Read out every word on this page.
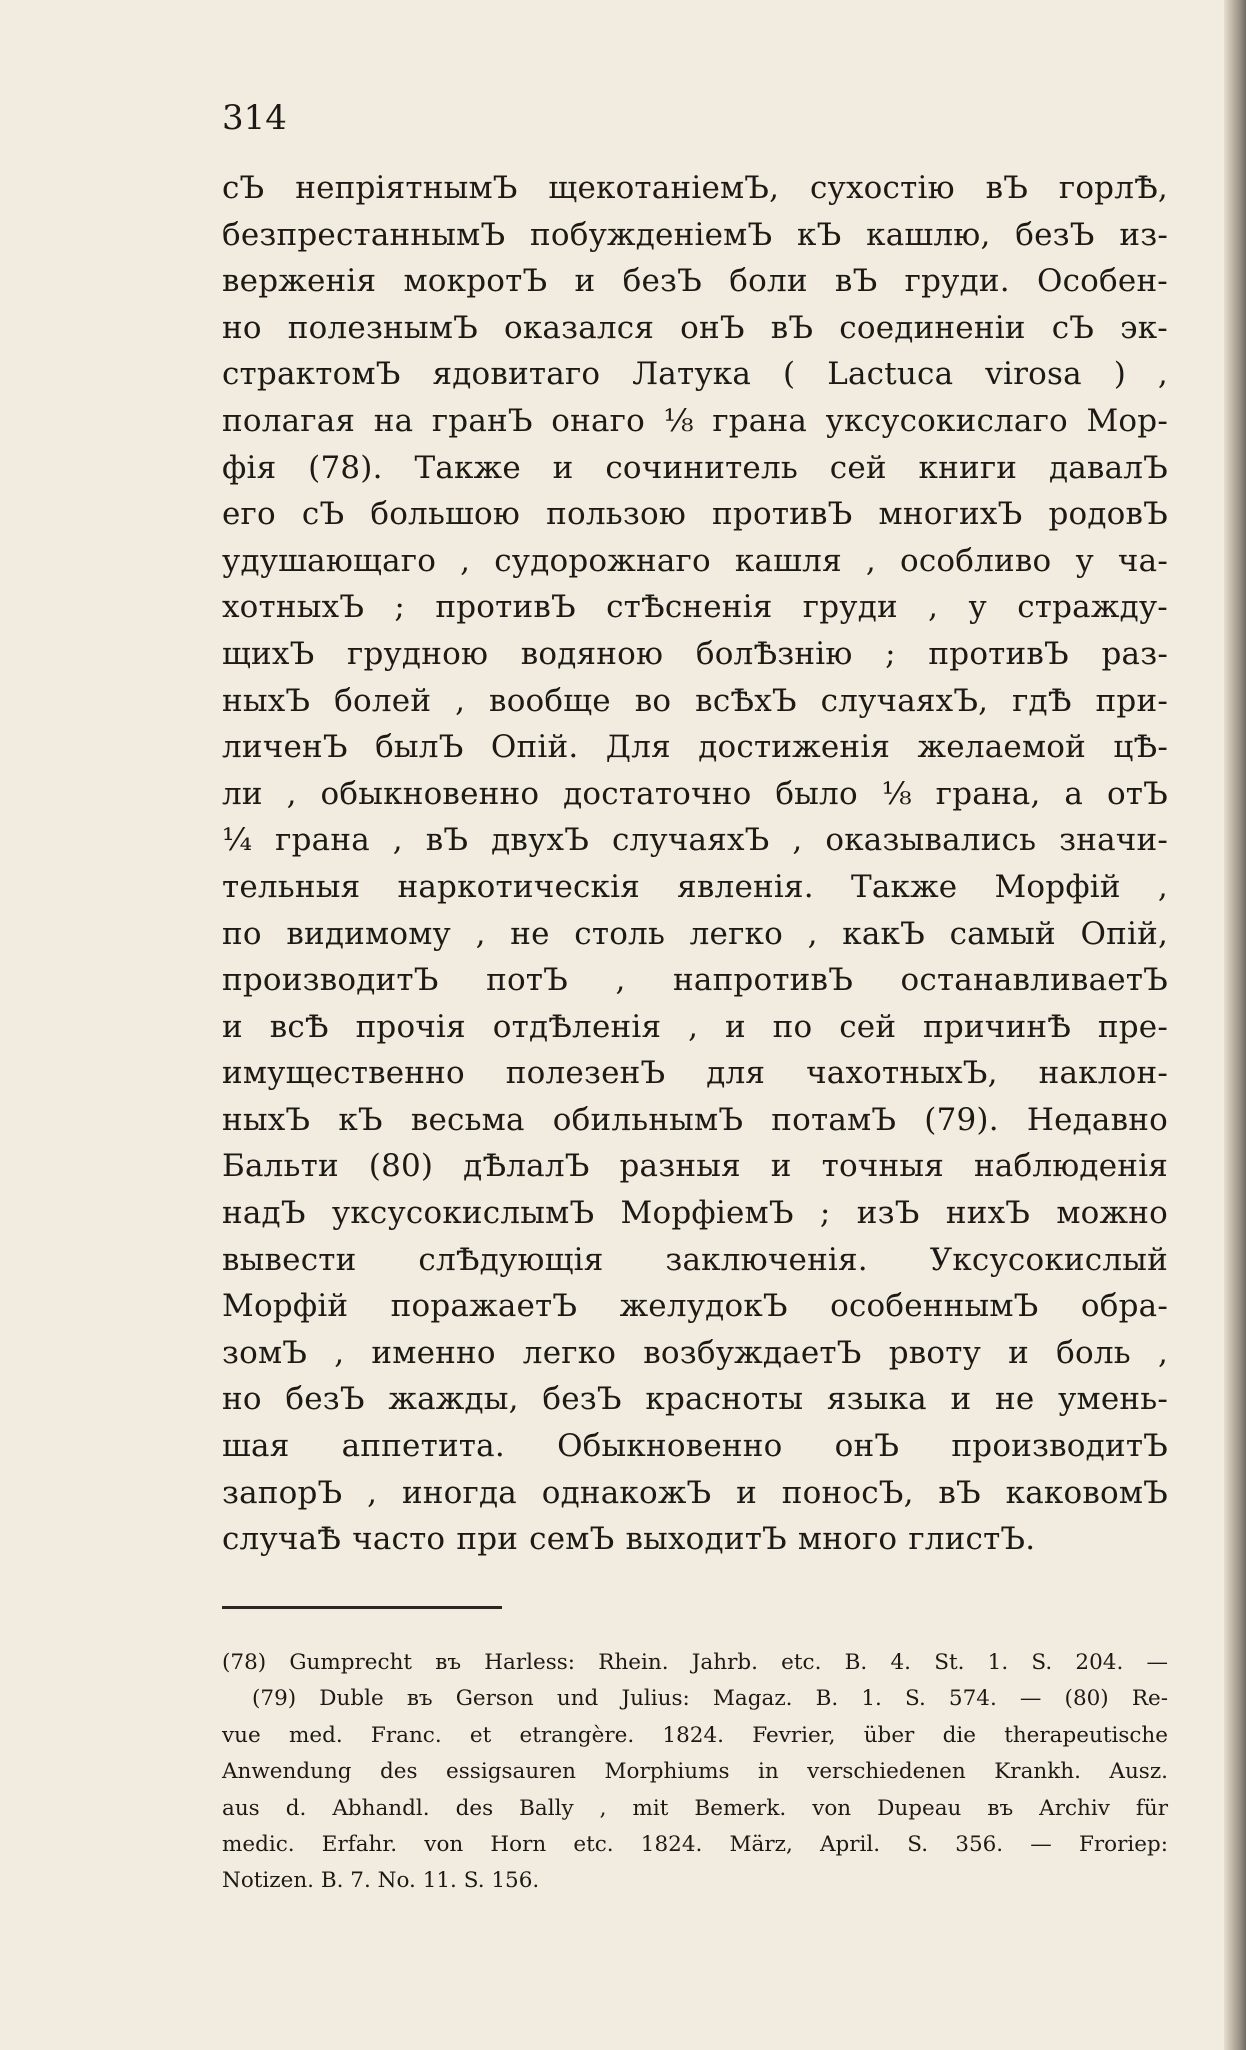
314

сЪ непріятнымЪ щекотаніемЪ, сухостію вЪ горлѢ,
безпрестаннымЪ побужденіемЪ кЪ кашлю, безЪ из-
верженія мокротЪ и безЪ боли вЪ груди. Особен-
но полезнымЪ оказался онЪ вЪ соединеніи сЪ эк-
страктомЪ ядовитаго Латука ( Lactuca virosa ) ,
полагая на гранЪ онаго ⅛ грана уксусокислаго Мор-
фія (78). Также и сочинитель сей книги давалЪ
его сЪ большою пользою противЪ многихЪ родовЪ
удушающаго , судорожнаго кашля , особливо у ча-
хотныхЪ ; противЪ стѢсненія груди , у стражду-
щихЪ грудною водяною болѢзнію ; противЪ раз-
ныхЪ болей , вообще во всѢхЪ случаяхЪ, гдѢ при-
личенЪ былЪ Опій. Для достиженія желаемой цѢ-
ли , обыкновенно достаточно было ⅛ грана, а отЪ
¼ грана , вЪ двухЪ случаяхЪ , оказывались значи-
тельныя наркотическія явленія. Также Морфій ,
по видимому , не столь легко , какЪ самый Опій,
производитЪ потЪ , напротивЪ останавливаетЪ
и всѢ прочія отдѢленія , и по сей причинѢ пре-
имущественно полезенЪ для чахотныхЪ, наклон-
ныхЪ кЪ весьма обильнымЪ потамЪ (79). Недавно
Бальти (80) дѢлалЪ разныя и точныя наблюденія
надЪ уксусокислымЪ МорфіемЪ ; изЪ нихЪ можно
вывести слѢдующія заключенія. Уксусокислый
Морфій поражаетЪ желудокЪ особеннымЪ обра-
зомЪ , именно легко возбуждаетЪ рвоту и боль ,
но безЪ жажды, безЪ красноты языка и не умень-
шая аппетита. Обыкновенно онЪ производитЪ
запорЪ , иногда однакожЪ и поносЪ, вЪ каковомЪ
случаѢ часто при семЪ выходитЪ много глистЪ.
(78) Gumprecht въ Harless: Rhein. Jahrb. etc. B. 4. St. 1. S. 204. —
(79) Duble въ Gerson und Julius: Magaz. B. 1. S. 574. — (80) Re-
vue med. Franc. et etrangère. 1824. Fevrier, über die therapeutische
Anwendung des essigsauren Morphiums in verschiedenen Krankh. Ausz.
aus d. Abhandl. des Bally , mit Bemerk. von Dupeau въ Archiv für
medic. Erfahr. von Horn etc. 1824. März, April. S. 356. — Froriep:
Notizen. B. 7. No. 11. S. 156.
